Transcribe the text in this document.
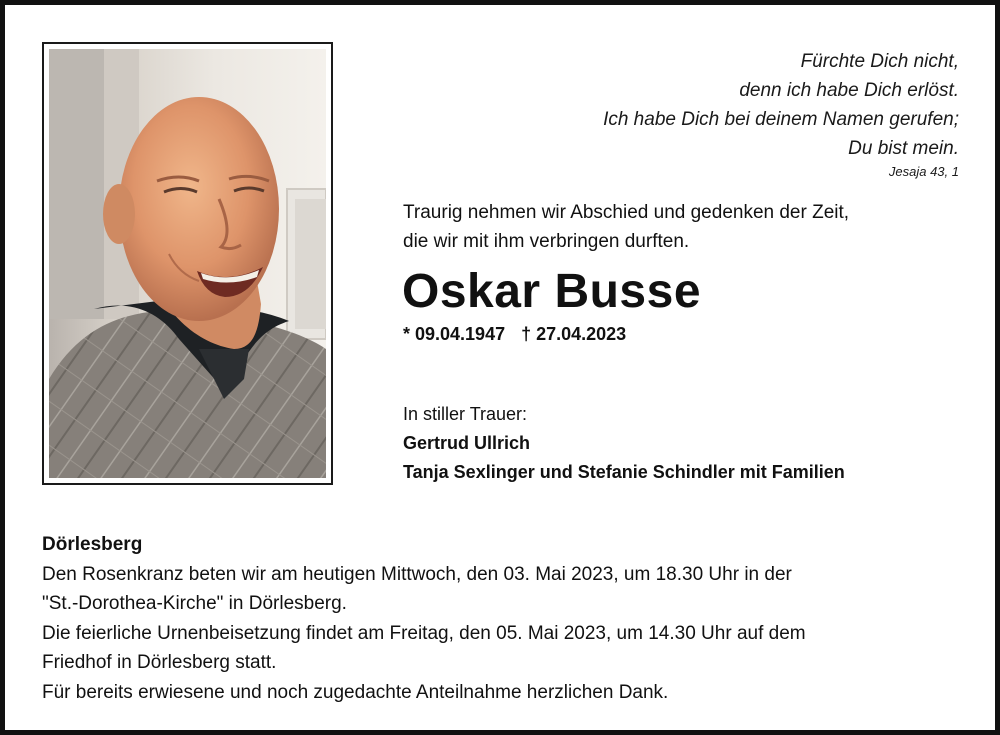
Fürchte Dich nicht,
denn ich habe Dich erlöst.
Ich habe Dich bei deinem Namen gerufen;
Du bist mein.
Jesaja 43, 1
Traurig nehmen wir Abschied und gedenken der Zeit,
die wir mit ihm verbringen durften.
Oskar Busse
* 09.04.1947 † 27.04.2023
In stiller Trauer:
Gertrud Ullrich
Tanja Sexlinger und Stefanie Schindler mit Familien
Dörlesberg
Den Rosenkranz beten wir am heutigen Mittwoch, den 03. Mai 2023, um 18.30 Uhr in der
"St.-Dorothea-Kirche" in Dörlesberg.
Die feierliche Urnenbeisetzung findet am Freitag, den 05. Mai 2023, um 14.30 Uhr auf dem
Friedhof in Dörlesberg statt.
Für bereits erwiesene und noch zugedachte Anteilnahme herzlichen Dank.
